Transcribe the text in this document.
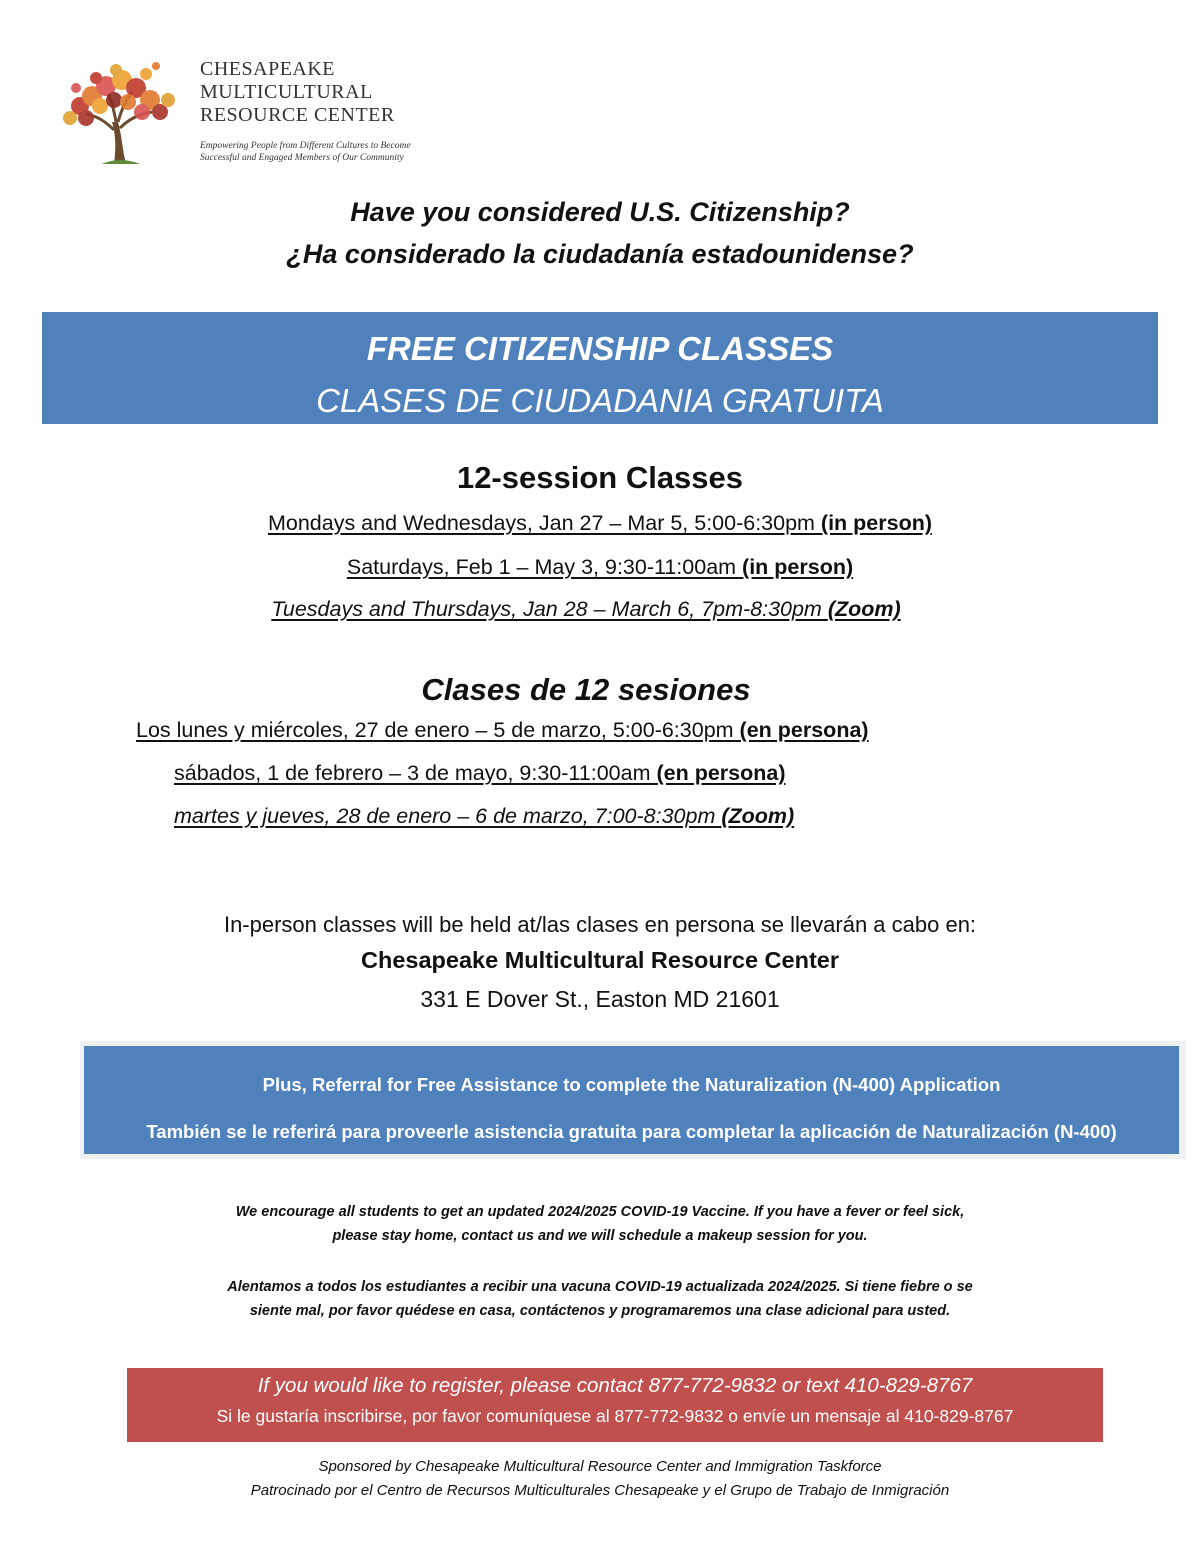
CHESAPEAKE
MULTICULTURAL
RESOURCE CENTER
Empowering People from Different Cultures to Become
Successful and Engaged Members of Our Community
Have you considered U.S. Citizenship?
¿Ha considerado la ciudadanía estadounidense?
FREE CITIZENSHIP CLASSES
CLASES DE CIUDADANIA GRATUITA
12-session Classes
Mondays and Wednesdays, Jan 27 – Mar 5, 5:00-6:30pm (in person)
Saturdays, Feb 1 – May 3, 9:30-11:00am (in person)
Tuesdays and Thursdays, Jan 28 – March 6, 7pm-8:30pm (Zoom)
Clases de 12 sesiones
Los lunes y miércoles, 27 de enero – 5 de marzo, 5:00-6:30pm (en persona)
sábados, 1 de febrero – 3 de mayo, 9:30-11:00am (en persona)
martes y jueves, 28 de enero – 6 de marzo, 7:00-8:30pm (Zoom)
In-person classes will be held at/las clases en persona se llevarán a cabo en:
Chesapeake Multicultural Resource Center
331 E Dover St., Easton MD 21601
Plus, Referral for Free Assistance to complete the Naturalization (N-400) Application
También se le referirá para proveerle asistencia gratuita para completar la aplicación de Naturalización (N-400)
We encourage all students to get an updated 2024/2025 COVID-19 Vaccine. If you have a fever or feel sick,
please stay home, contact us and we will schedule a makeup session for you.
Alentamos a todos los estudiantes a recibir una vacuna COVID-19 actualizada 2024/2025. Si tiene fiebre o se
siente mal, por favor quédese en casa, contáctenos y programaremos una clase adicional para usted.
If you would like to register, please contact 877-772-9832 or text 410-829-8767
Si le gustaría inscribirse, por favor comuníquese al 877-772-9832 o envíe un mensaje al 410-829-8767
Sponsored by Chesapeake Multicultural Resource Center and Immigration Taskforce
Patrocinado por el Centro de Recursos Multiculturales Chesapeake y el Grupo de Trabajo de Inmigración
